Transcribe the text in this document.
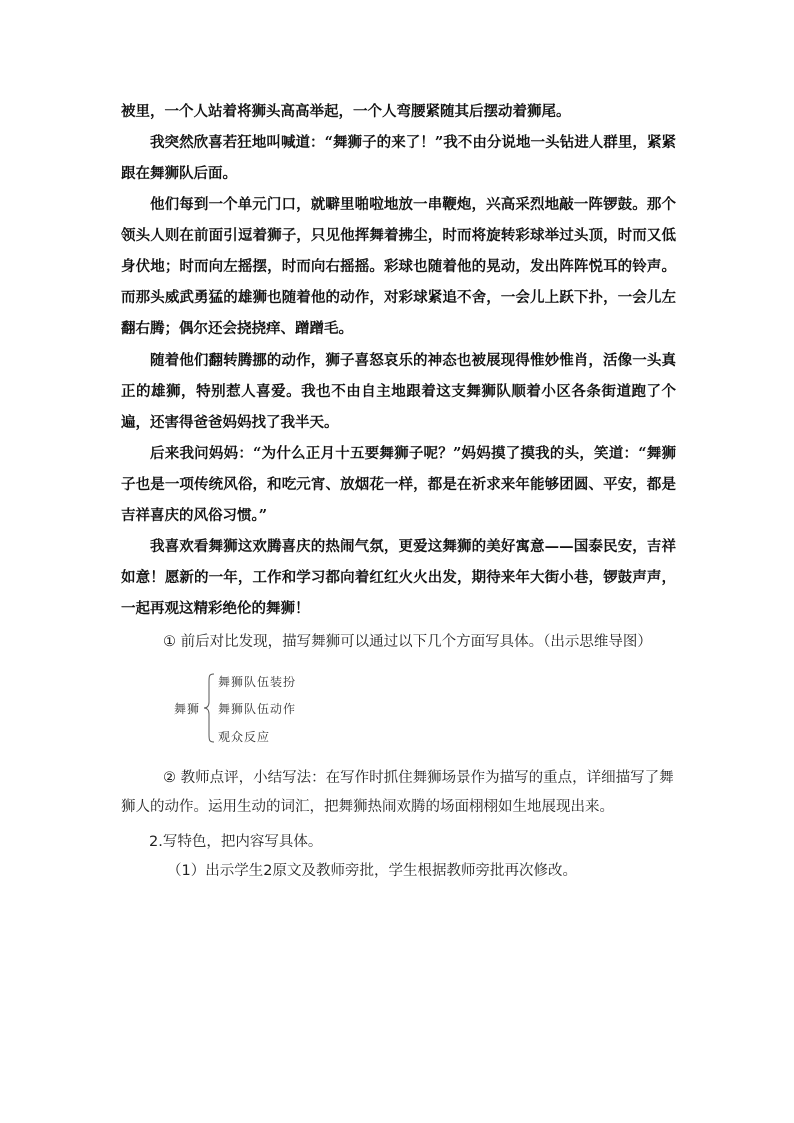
被里，一个人站着将狮头高高举起，一个人弯腰紧随其后摆动着狮尾。

我突然欣喜若狂地叫喊道：“舞狮子的来了！”我不由分说地一头钻进人群里，紧紧跟在舞狮队后面。

他们每到一个单元门口，就噼里啪啦地放一串鞭炮，兴高采烈地敲一阵锣鼓。那个领头人则在前面引逗着狮子，只见他挥舞着拂尘，时而将旋转彩球举过头顶，时而又低身伏地；时而向左摇摆，时而向右摇摇。彩球也随着他的晃动，发出阵阵悦耳的铃声。而那头威武勇猛的雄狮也随着他的动作，对彩球紧追不舍，一会儿上跃下扑，一会儿左翻右腾；偶尔还会挠挠痒、蹭蹭毛。

随着他们翻转腾挪的动作，狮子喜怒哀乐的神态也被展现得惟妙惟肖，活像一头真正的雄狮，特别惹人喜爱。我也不由自主地跟着这支舞狮队顺着小区各条街道跑了个遍，还害得爸爸妈妈找了我半天。

后来我问妈妈：“为什么正月十五要舞狮子呢？”妈妈摸了摸我的头，笑道：“舞狮子也是一项传统风俗，和吃元宵、放烟花一样，都是在祈求来年能够团圆、平安，都是吉祥喜庆的风俗习惯。”

我喜欢看舞狮这欢腾喜庆的热闹气氛，更爱这舞狮的美好寓意——国泰民安，吉祥如意！愿新的一年，工作和学习都向着红红火火出发，期待来年大街小巷，锣鼓声声，一起再观这精彩绝伦的舞狮！

① 前后对比发现，描写舞狮可以通过以下几个方面写具体。（出示思维导图）

舞狮
舞狮队伍装扮
舞狮队伍动作
观众反应

② 教师点评，小结写法：在写作时抓住舞狮场景作为描写的重点，详细描写了舞狮人的动作。运用生动的词汇，把舞狮热闹欢腾的场面栩栩如生地展现出来。

2.写特色，把内容写具体。

（1）出示学生2原文及教师旁批，学生根据教师旁批再次修改。
